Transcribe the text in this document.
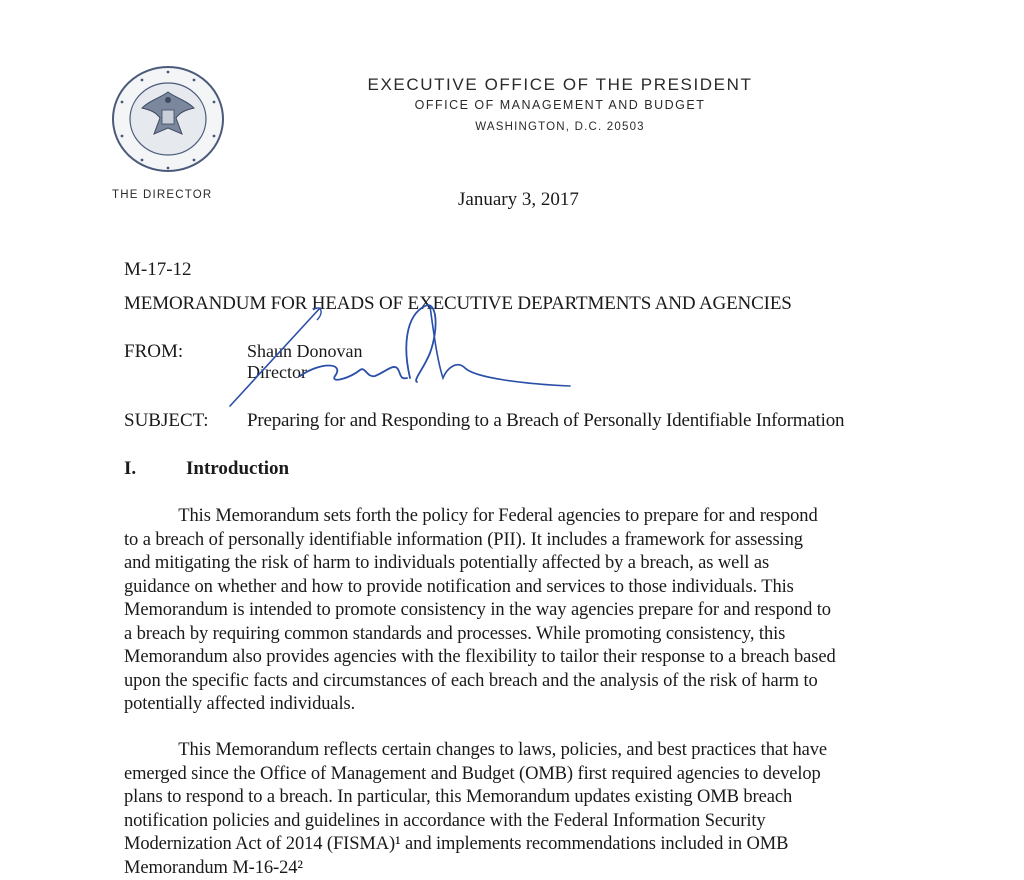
EXECUTIVE OFFICE OF THE PRESIDENT
OFFICE OF MANAGEMENT AND BUDGET
WASHINGTON, D.C. 20503
THE DIRECTOR	January 3, 2017
M-17-12
MEMORANDUM FOR HEADS OF EXECUTIVE DEPARTMENTS AND AGENCIES
FROM:	Shaun Donovan
Director
SUBJECT: Preparing for and Responding to a Breach of Personally Identifiable Information
I.	Introduction
This Memorandum sets forth the policy for Federal agencies to prepare for and respond
to a breach of personally identifiable information (PII). It includes a framework for assessing
and mitigating the risk of harm to individuals potentially affected by a breach, as well as
guidance on whether and how to provide notification and services to those individuals. This
Memorandum is intended to promote consistency in the way agencies prepare for and respond to
a breach by requiring common standards and processes. While promoting consistency, this
Memorandum also provides agencies with the flexibility to tailor their response to a breach based
upon the specific facts and circumstances of each breach and the analysis of the risk of harm to
potentially affected individuals.
This Memorandum reflects certain changes to laws, policies, and best practices that have
emerged since the Office of Management and Budget (OMB) first required agencies to develop
plans to respond to a breach. In particular, this Memorandum updates existing OMB breach
notification policies and guidelines in accordance with the Federal Information Security
Modernization Act of 2014 (FISMA)¹ and implements recommendations included in OMB
Memorandum M-16-24²
